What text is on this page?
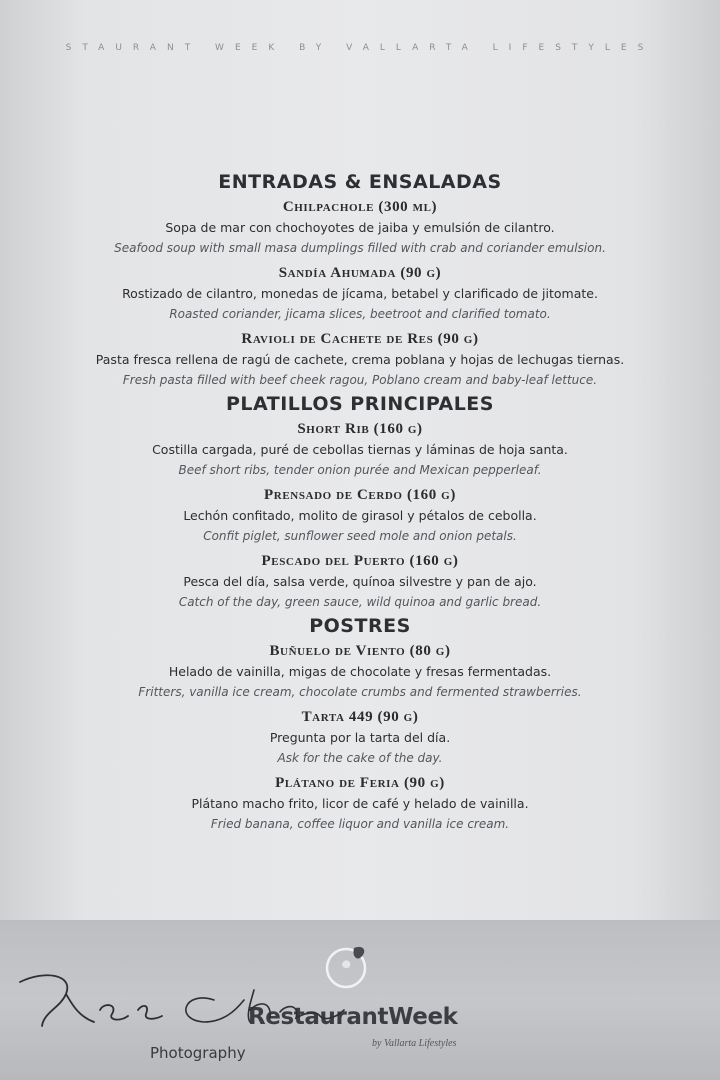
STAURANT WEEK BY VALLARTA LIFESTYLES
ENTRADAS & ENSALADAS
Chilpachole (300 ml)
Sopa de mar con chochoyotes de jaiba y emulsión de cilantro.
Seafood soup with small masa dumplings filled with crab and coriander emulsion.
Sandía Ahumada (90 g)
Rostizado de cilantro, monedas de jícama, betabel y clarificado de jitomate.
Roasted coriander, jicama slices, beetroot and clarified tomato.
Ravioli de Cachete de Res (90 g)
Pasta fresca rellena de ragú de cachete, crema poblana y hojas de lechugas tiernas.
Fresh pasta filled with beef cheek ragou, Poblano cream and baby-leaf lettuce.
PLATILLOS PRINCIPALES
Short Rib (160 g)
Costilla cargada, puré de cebollas tiernas y láminas de hoja santa.
Beef short ribs, tender onion purée and Mexican pepperleaf.
Prensado de Cerdo (160 g)
Lechón confitado, molito de girasol y pétalos de cebolla.
Confit piglet, sunflower seed mole and onion petals.
Pescado del Puerto (160 g)
Pesca del día, salsa verde, quínoa silvestre y pan de ajo.
Catch of the day, green sauce, wild quinoa and garlic bread.
POSTRES
Buñuelo de Viento (80 g)
Helado de vainilla, migas de chocolate y fresas fermentadas.
Fritters, vanilla ice cream, chocolate crumbs and fermented strawberries.
Tarta 449 (90 g)
Pregunta por la tarta del día.
Ask for the cake of the day.
Plátano de Feria (90 g)
Plátano macho frito, licor de café y helado de vainilla.
Fried banana, coffee liquor and vanilla ice cream.
RestaurantWeek
by Vallarta Lifestyles
Photography
